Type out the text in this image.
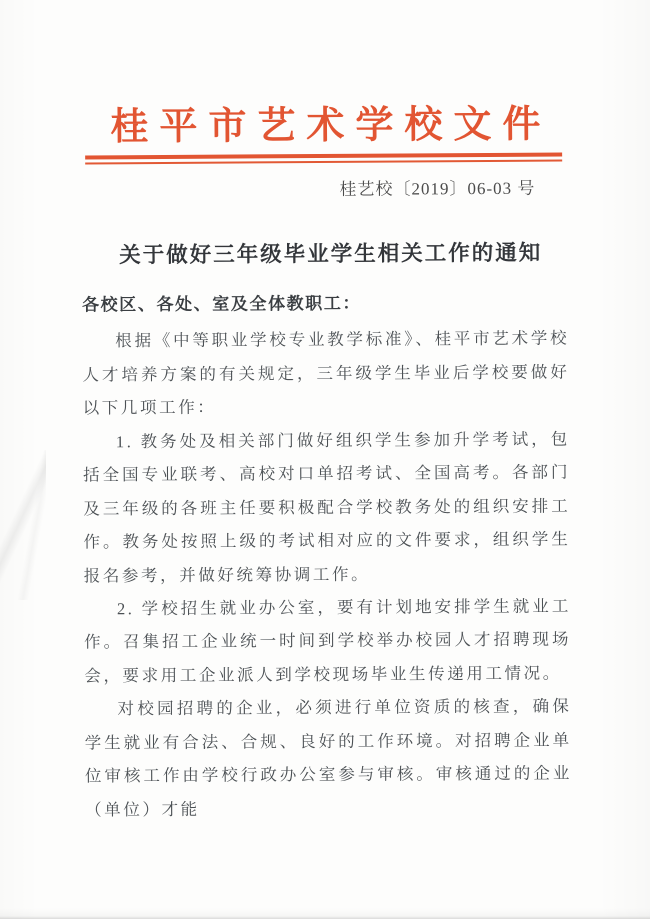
桂平市艺术学校文件
桂艺校〔2019〕06-03 号
关于做好三年级毕业学生相关工作的通知

各校区、各处、室及全体教职工：

根据《中等职业学校专业教学标准》、桂平市艺术学校人才培养方案的有关规定，三年级学生毕业后学校要做好以下几项工作：

1. 教务处及相关部门做好组织学生参加升学考试，包括全国专业联考、高校对口单招考试、全国高考。各部门及三年级的各班主任要积极配合学校教务处的组织安排工作。教务处按照上级的考试相对应的文件要求，组织学生报名参考，并做好统筹协调工作。

2. 学校招生就业办公室，要有计划地安排学生就业工作。召集招工企业统一时间到学校举办校园人才招聘现场会，要求用工企业派人到学校现场毕业生传递用工情况。

对校园招聘的企业，必须进行单位资质的核查，确保学生就业有合法、合规、良好的工作环境。对招聘企业单位审核工作由学校行政办公室参与审核。审核通过的企业（单位）才能
